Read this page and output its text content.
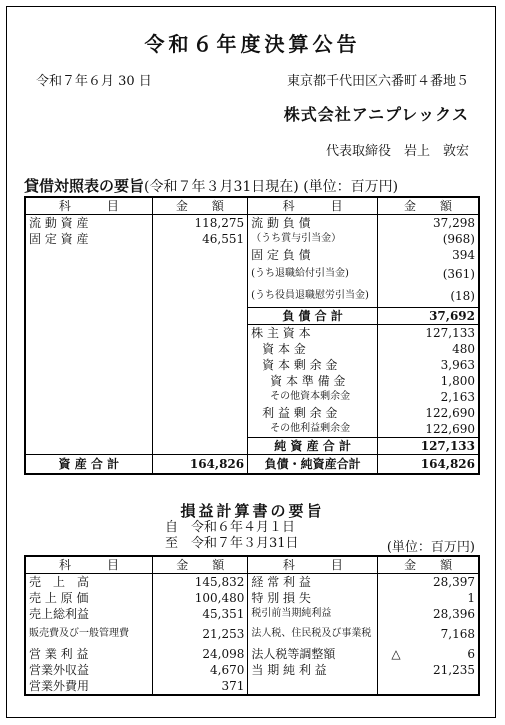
令和６年度決算公告
令和７年６月 30 日	東京都千代田区六番町４番地５
株式会社アニプレックス
代表取締役　岩上　敦宏
貸借対照表の要旨(令和７年３月31日現在) (単位：百万円)
科　　　目	金　　額	科　　　目	金　　額
流 動 資 産	118,275	流 動 負 債	37,298
固 定 資 産	46,551	（うち賞与引当金）	(968)
		固 定 負 債	394
		(うち退職給付引当金)	(361)
		(うち役員退職慰労引当金)	(18)
		負 債 合 計	37,692
		株 主 資 本	127,133
		資 本 金	480
		資 本 剰 余 金	3,963
		資 本 準 備 金	1,800
		その他資本剰余金	2,163
		利 益 剰 余 金	122,690
		その他利益剰余金	122,690
		純 資 産 合 計	127,133
資 産 合 計	164,826	負債・純資産合計	164,826
損益計算書の要旨
自　令和６年４月１日
至　令和７年３月31日	(単位：百万円)
科　　　目	金　　額	科　　　目	金　　額
売　上　高	145,832	経 常 利 益	28,397
売 上 原 価	100,480	特 別 損 失	1
売上総利益	45,351	税引前当期純利益	28,396
販売費及び一般管理費	21,253	法人税、住民税及び事業税	7,168
営 業 利 益	24,098	法人税等調整額	△ 6
営業外収益	4,670	当 期 純 利 益	21,235
営業外費用	371		
